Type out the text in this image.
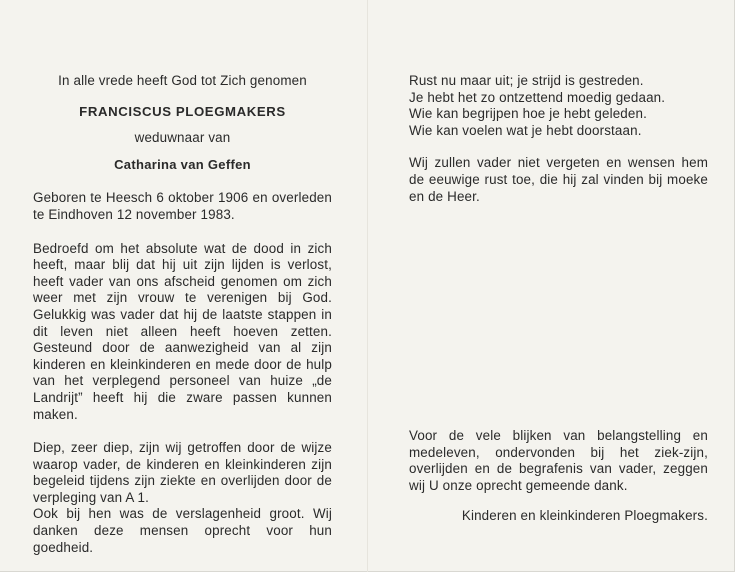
In alle vrede heeft God tot Zich genomen

FRANCISCUS PLOEGMAKERS

weduwnaar van

Catharina van Geffen

Geboren te Heesch 6 oktober 1906 en overleden te Eindhoven 12 november 1983.

Bedroefd om het absolute wat de dood in zich heeft, maar blij dat hij uit zijn lijden is verlost, heeft vader van ons afscheid genomen om zich weer met zijn vrouw te verenigen bij God. Gelukkig was vader dat hij de laatste stappen in dit leven niet alleen heeft hoeven zetten. Gesteund door de aanwezigheid van al zijn kinderen en kleinkinderen en mede door de hulp van het verplegend personeel van huize „de Landrijt” heeft hij die zware passen kunnen maken.

Diep, zeer diep, zijn wij getroffen door de wijze waarop vader, de kinderen en kleinkinderen zijn begeleid tijdens zijn ziekte en overlijden door de verpleging van A 1.

Ook bij hen was de verslagenheid groot. Wij danken deze mensen oprecht voor hun goedheid.

Rust nu maar uit; je strijd is gestreden.
Je hebt het zo ontzettend moedig gedaan.
Wie kan begrijpen hoe je hebt geleden.
Wie kan voelen wat je hebt doorstaan.

Wij zullen vader niet vergeten en wensen hem de eeuwige rust toe, die hij zal vinden bij moeke en de Heer.

Voor de vele blijken van belangstelling en medeleven, ondervonden bij het ziek-zijn, overlijden en de begrafenis van vader, zeggen wij U onze oprecht gemeende dank.

Kinderen en kleinkinderen Ploegmakers.
